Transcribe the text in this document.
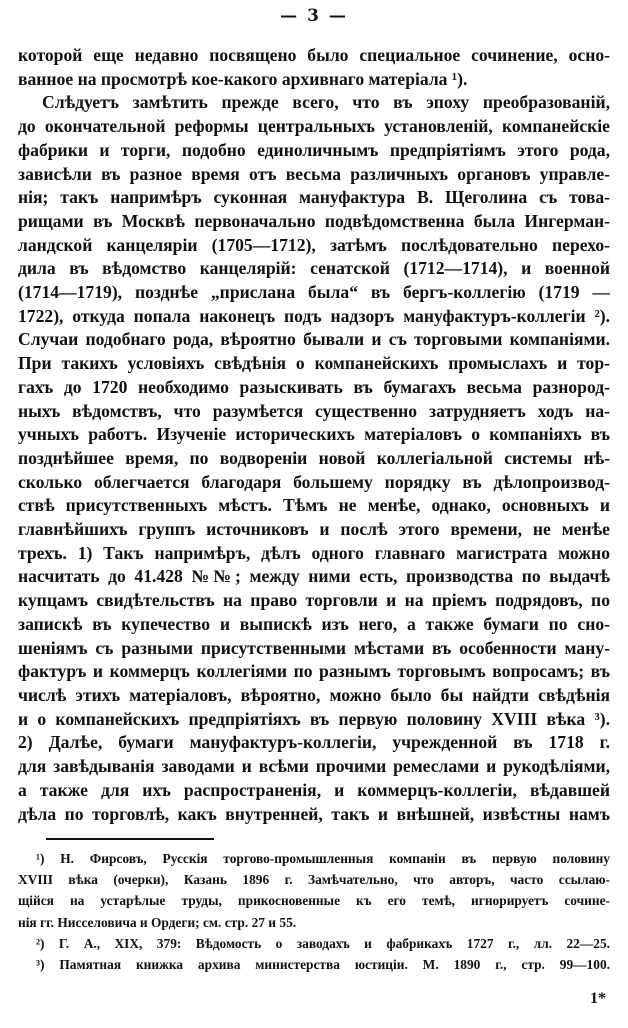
— 3 —
которой еще недавно посвящено было специальное сочинение, осно-
ванное на просмотрѣ кое-какого архивнаго матеріала ¹).
Слѣдуетъ замѣтить прежде всего, что въ эпоху преобразованій,
до окончательной реформы центральныхъ установленій, компанейскіе
фабрики и торги, подобно единоличнымъ предпріятіямъ этого рода,
зависѣли въ разное время отъ весьма различныхъ органовъ управле-
нія; такъ напримѣръ суконная мануфактура В. Щеголина съ това-
рищами въ Москвѣ первоначально подвѣдомственна была Ингерман-
ландской канцеляріи (1705—1712), затѣмъ послѣдовательно перехо-
дила въ вѣдомство канцелярій: сенатской (1712—1714), и военной
(1714—1719), позднѣе „прислана была“ въ бергъ-коллегію (1719 —
1722), откуда попала наконецъ подъ надзоръ мануфактуръ-коллегіи ²).
Случаи подобнаго рода, вѣроятно бывали и съ торговыми компаніями.
При такихъ условіяхъ свѣдѣнія о компанейскихъ промыслахъ и тор-
гахъ до 1720 необходимо разыскивать въ бумагахъ весьма разнород-
ныхъ вѣдомствъ, что разумѣется существенно затрудняетъ ходъ на-
учныхъ работъ. Изученіе историческихъ матеріаловъ о компаніяхъ въ
позднѣйшее время, по водвореніи новой коллегіальной системы нѣ-
сколько облегчается благодаря большему порядку въ дѣлопроизвод-
ствѣ присутственныхъ мѣстъ. Тѣмъ не менѣе, однако, основныхъ и
главнѣйшихъ группъ источниковъ и послѣ этого времени, не менѣе
трехъ. 1) Такъ напримѣръ, дѣлъ одного главнаго магистрата можно
насчитать до 41.428 №№; между ними есть, производства по выдачѣ
купцамъ свидѣтельствъ на право торговли и на пріемъ подрядовъ, по
запискѣ въ купечество и выпискѣ изъ него, а также бумаги по сно-
шеніямъ съ разными присутственными мѣстами въ особенности ману-
фактуръ и коммерцъ коллегіями по разнымъ торговымъ вопросамъ; въ
числѣ этихъ матеріаловъ, вѣроятно, можно было бы найдти свѣдѣнія
и о компанейскихъ предпріятіяхъ въ первую половину XVIII вѣка ³).
2) Далѣе, бумаги мануфактуръ-коллегіи, учрежденной въ 1718 г.
для завѣдыванія заводами и всѣми прочими ремеслами и рукодѣліями,
а также для ихъ распространенія, и коммерцъ-коллегіи, вѣдавшей
дѣла по торговлѣ, какъ внутренней, такъ и внѣшней, извѣстны намъ
¹) Н. Фирсовъ, Русскія торгово-промышленныя компаніи въ первую половину
XVIII вѣка (очерки), Казань 1896 г. Замѣчательно, что авторъ, часто ссылаю-
щійся на устарѣлые труды, прикосновенные къ его темѣ, игнорируетъ сочине-
нія гг. Нисселовича и Ордеги; см. стр. 27 и 55.
²) Г. А., XIX, 379: Вѣдомость о заводахъ и фабрикахъ 1727 г., лл. 22—25.
³) Памятная книжка архива министерства юстиціи. М. 1890 г., стр. 99—100.
1*
